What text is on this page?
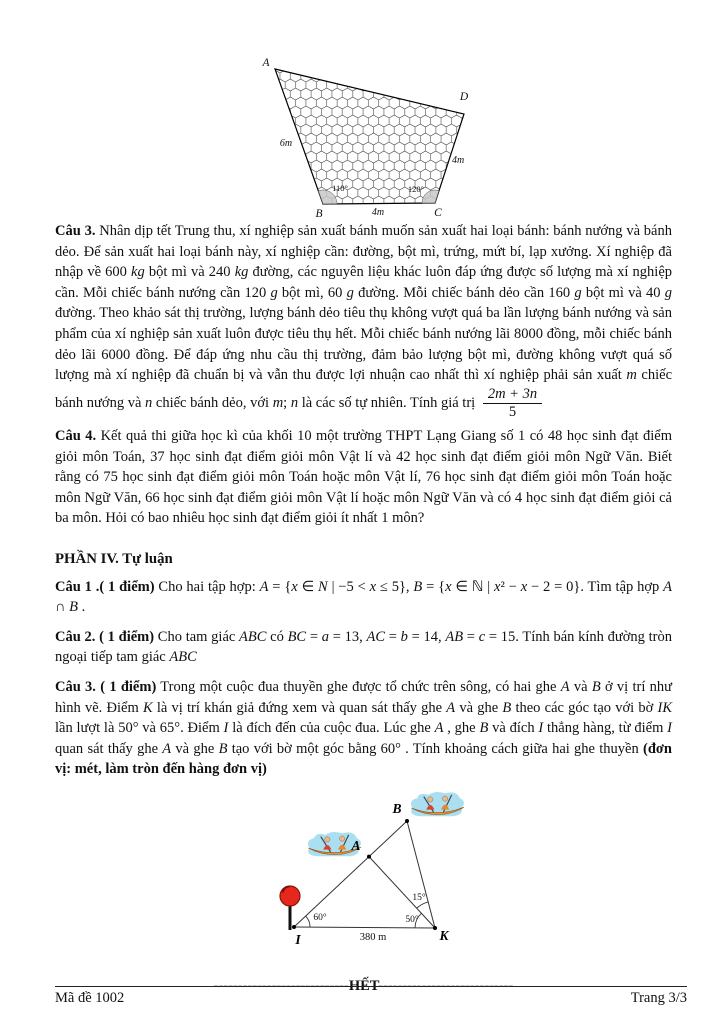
A
D
B	C
6m
4m
4m
110°	120°

Câu 3. Nhân dịp tết Trung thu, xí nghiệp sản xuất bánh muốn sản xuất hai loại bánh: bánh nướng và bánh dẻo. Để sản xuất hai loại bánh này, xí nghiệp cần: đường, bột mì, trứng, mứt bí, lạp xưởng. Xí nghiệp đã nhập về 600 kg bột mì và 240 kg đường, các nguyên liệu khác luôn đáp ứng được số lượng mà xí nghiệp cần. Mỗi chiếc bánh nướng cần 120 g bột mì, 60 g đường. Mỗi chiếc bánh dẻo cần 160 g bột mì và 40 g đường. Theo khảo sát thị trường, lượng bánh dẻo tiêu thụ không vượt quá ba lần lượng bánh nướng và sản phẩm của xí nghiệp sản xuất luôn được tiêu thụ hết. Mỗi chiếc bánh nướng lãi 8000 đồng, mỗi chiếc bánh dẻo lãi 6000 đồng. Để đáp ứng nhu cầu thị trường, đảm bảo lượng bột mì, đường không vượt quá số lượng mà xí nghiệp đã chuẩn bị và vẫn thu được lợi nhuận cao nhất thì xí nghiệp phải sản xuất m chiếc bánh nướng và n chiếc bánh dẻo, với m; n là các số tự nhiên. Tính giá trị $\frac{2m + 3n}{5}$

Câu 4. Kết quả thi giữa học kì của khối 10 một trường THPT Lạng Giang số 1 có 48 học sinh đạt điểm giỏi môn Toán, 37 học sinh đạt điểm giỏi môn Vật lí và 42 học sinh đạt điểm giỏi môn Ngữ Văn. Biết rằng có 75 học sinh đạt điểm giỏi môn Toán hoặc môn Vật lí, 76 học sinh đạt điểm giỏi môn Toán hoặc môn Ngữ Văn, 66 học sinh đạt điểm giỏi môn Vật lí hoặc môn Ngữ Văn và có 4 học sinh đạt điểm giỏi cả ba môn. Hỏi có bao nhiêu học sinh đạt điểm giỏi ít nhất 1 môn?

PHẦN IV. Tự luận

Câu 1 .( 1 điểm) Cho hai tập hợp: A = {x ∈ N | −5 < x ≤ 5}, B = {x ∈ ℕ | x² − x − 2 = 0}. Tìm tập hợp A ∩ B .

Câu 2. ( 1 điểm) Cho tam giác ABC có BC = a = 13, AC = b = 14, AB = c = 15. Tính bán kính đường tròn ngoại tiếp tam giác ABC

Câu 3. ( 1 điểm) Trong một cuộc đua thuyền ghe được tổ chức trên sông, có hai ghe A và B ở vị trí như hình vẽ. Điểm K là vị trí khán giả đứng xem và quan sát thấy ghe A và ghe B theo các góc tạo với bờ IK lần lượt là 50° và 65°. Điểm I là đích đến của cuộc đua. Lúc ghe A , ghe B và đích I thẳng hàng, từ điểm I quan sát thấy ghe A và ghe B tạo với bờ một góc bằng 60° . Tính khoảng cách giữa hai ghe thuyền (đơn vị: mét, làm tròn đến hàng đơn vị)

B
A
I	K
60°	50°
15°
380 m

----------------------------HẾT----------------------------

Mã đề 1002	Trang 3/3
